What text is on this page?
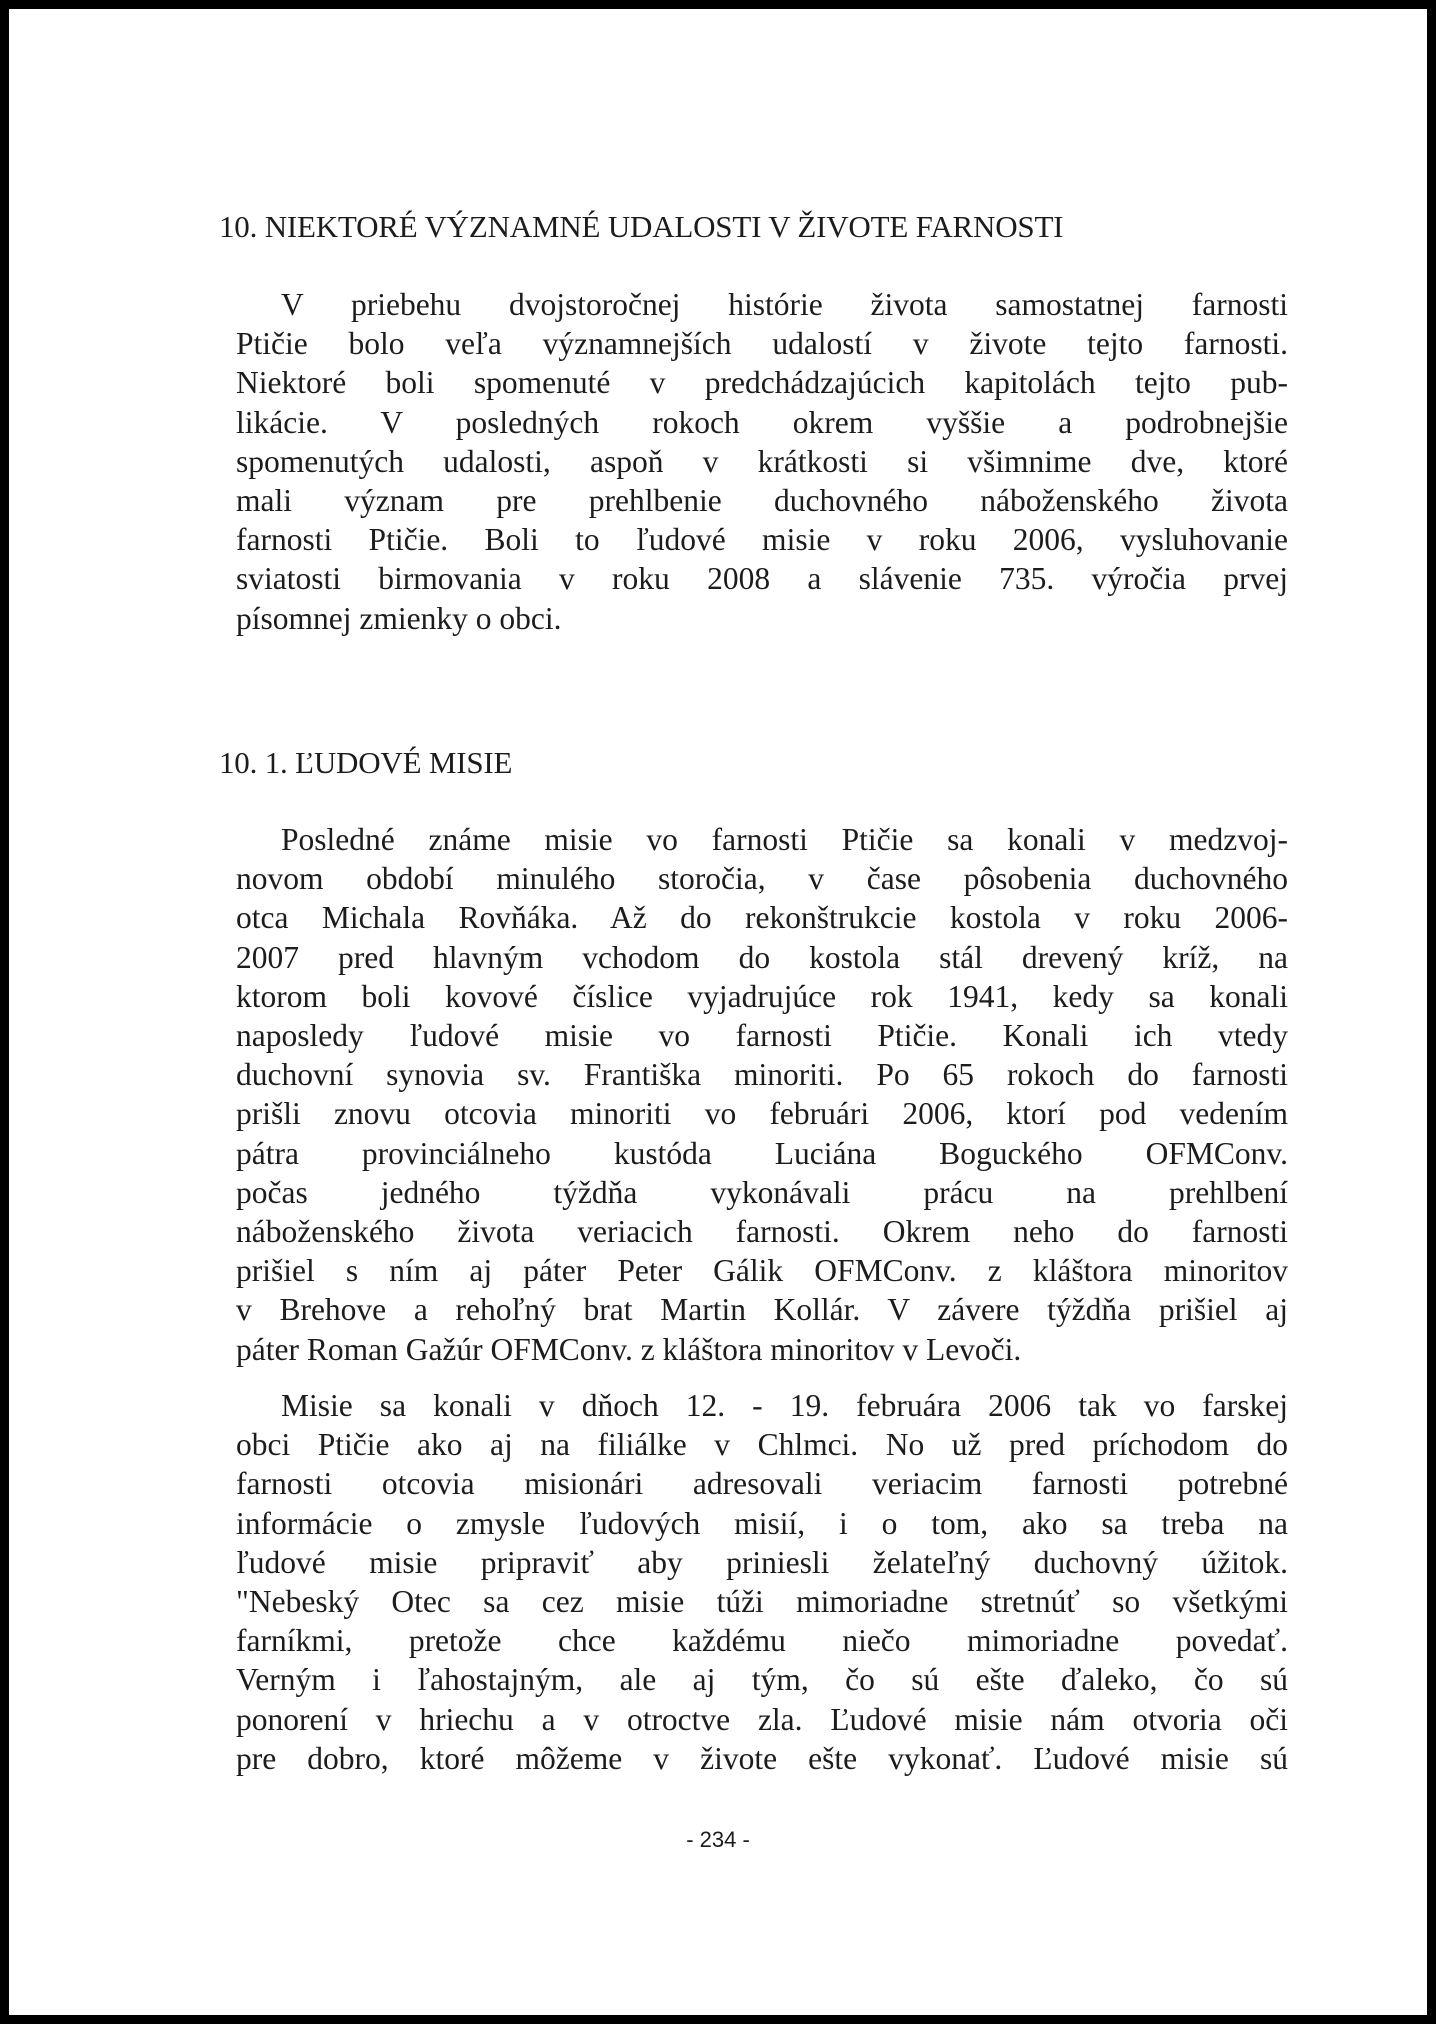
10. NIEKTORÉ VÝZNAMNÉ UDALOSTI V ŽIVOTE FARNOSTI

V priebehu dvojstoročnej histórie života samostatnej farnosti
Ptičie bolo veľa významnejších udalostí v živote tejto farnosti.
Niektoré boli spomenuté v predchádzajúcich kapitolách tejto pub-
likácie. V posledných rokoch okrem vyššie a podrobnejšie
spomenutých udalosti, aspoň v krátkosti si všimnime dve, ktoré
mali význam pre prehlbenie duchovného náboženského života
farnosti Ptičie. Boli to ľudové misie v roku 2006, vysluhovanie
sviatosti birmovania v roku 2008 a slávenie 735. výročia prvej
písomnej zmienky o obci.

10. 1. ĽUDOVÉ MISIE

Posledné známe misie vo farnosti Ptičie sa konali v medzvoj-
novom období minulého storočia, v čase pôsobenia duchovného
otca Michala Rovňáka. Až do rekonštrukcie kostola v roku 2006-
2007 pred hlavným vchodom do kostola stál drevený kríž, na
ktorom boli kovové číslice vyjadrujúce rok 1941, kedy sa konali
naposledy ľudové misie vo farnosti Ptičie. Konali ich vtedy
duchovní synovia sv. Františka minoriti. Po 65 rokoch do farnosti
prišli znovu otcovia minoriti vo februári 2006, ktorí pod vedením
pátra provinciálneho kustóda Luciána Boguckého OFMConv.
počas jedného týždňa vykonávali prácu na prehlbení
náboženského života veriacich farnosti. Okrem neho do farnosti
prišiel s ním aj páter Peter Gálik OFMConv. z kláštora minoritov
v Brehove a rehoľný brat Martin Kollár. V závere týždňa prišiel aj
páter Roman Gažúr OFMConv. z kláštora minoritov v Levoči.

Misie sa konali v dňoch 12. - 19. februára 2006 tak vo farskej
obci Ptičie ako aj na filiálke v Chlmci. No už pred príchodom do
farnosti otcovia misionári adresovali veriacim farnosti potrebné
informácie o zmysle ľudových misií, i o tom, ako sa treba na
ľudové misie pripraviť aby priniesli želateľný duchovný úžitok.
"Nebeský Otec sa cez misie túži mimoriadne stretnúť so všetkými
farníkmi, pretože chce každému niečo mimoriadne povedať.
Verným i ľahostajným, ale aj tým, čo sú ešte ďaleko, čo sú
ponorení v hriechu a v otroctve zla. Ľudové misie nám otvoria oči
pre dobro, ktoré môžeme v živote ešte vykonať. Ľudové misie sú

- 234 -
